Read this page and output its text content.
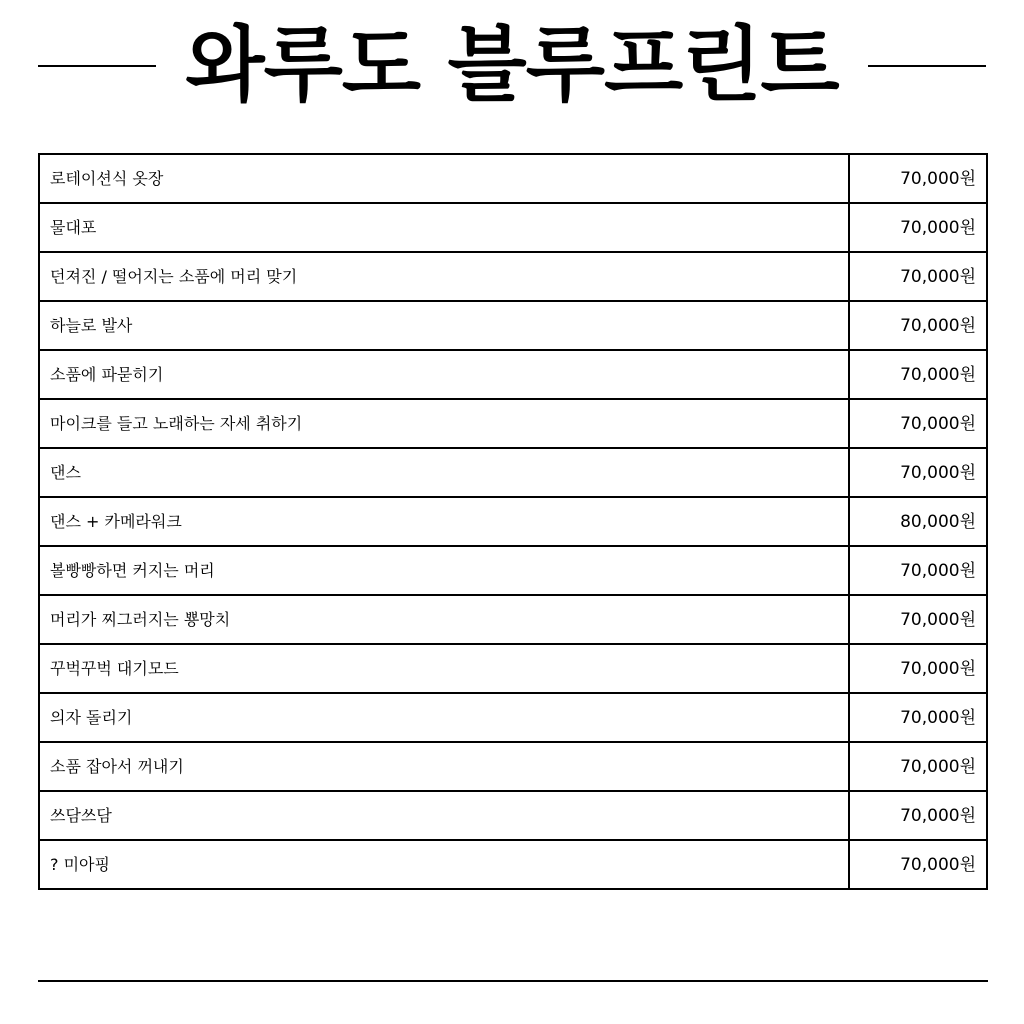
와루도 블루프린트
로테이션식 옷장	70,000원
물대포	70,000원
던져진 / 떨어지는 소품에 머리 맞기	70,000원
하늘로 발사	70,000원
소품에 파묻히기	70,000원
마이크를 들고 노래하는 자세 취하기	70,000원
댄스	70,000원
댄스 + 카메라워크	80,000원
볼빵빵하면 커지는 머리	70,000원
머리가 찌그러지는 뿅망치	70,000원
꾸벅꾸벅 대기모드	70,000원
의자 돌리기	70,000원
소품 잡아서 꺼내기	70,000원
쓰담쓰담	70,000원
? 미아핑	70,000원
